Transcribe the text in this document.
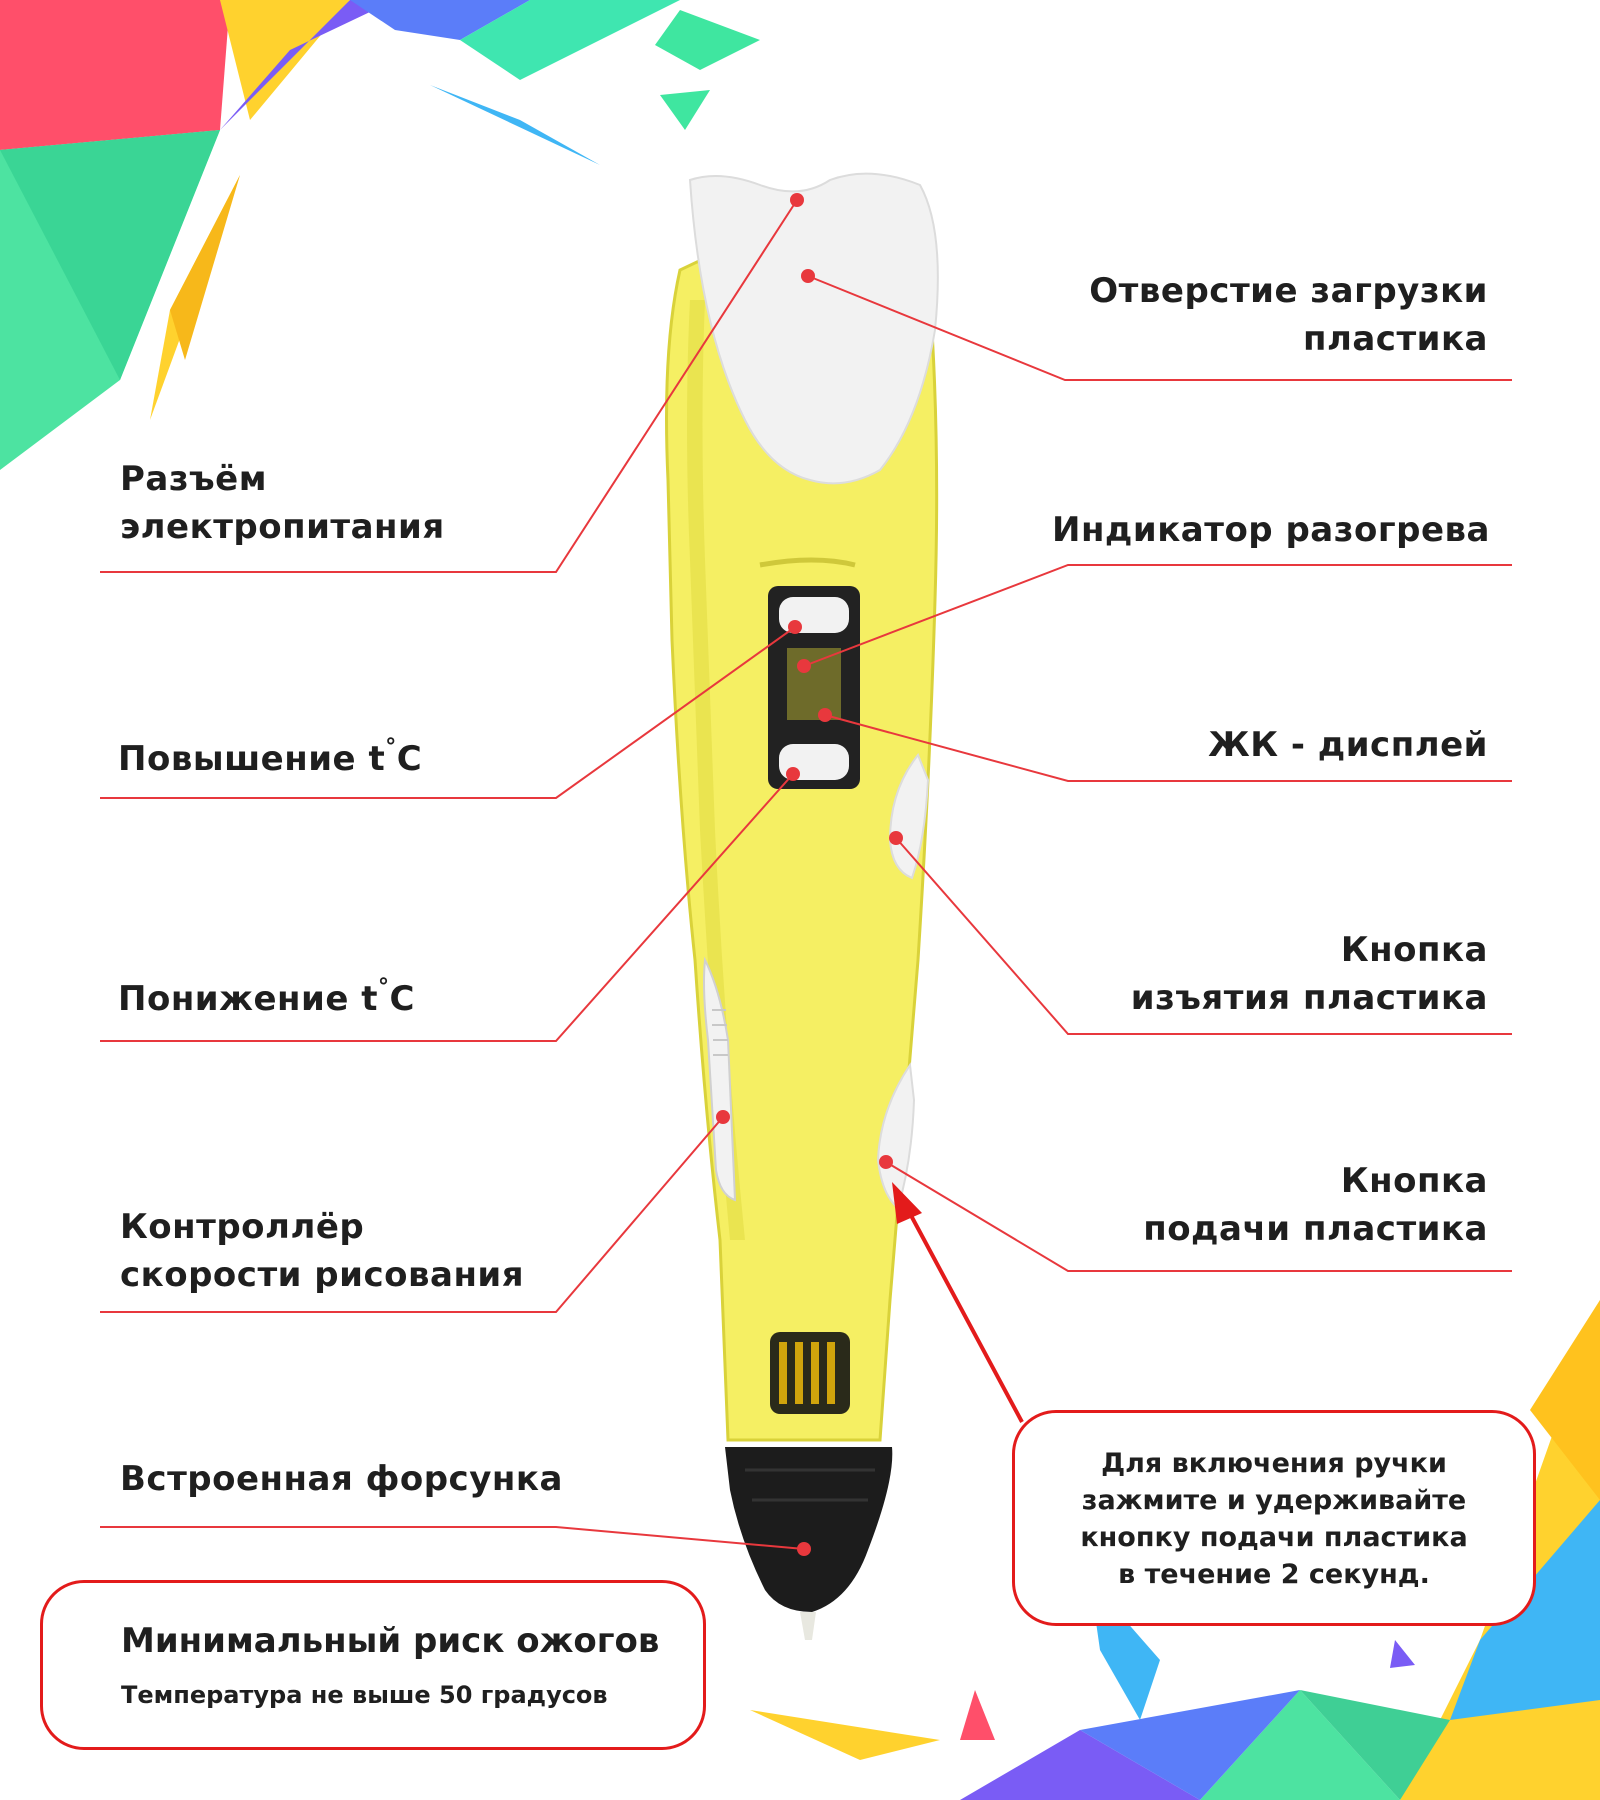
Разъём
электропитания
Повышение t°C
Понижение t°C
Контроллёр
скорости рисования
Встроенная форсунка
Отверстие загрузки
пластика
Индикатор разогрева
ЖК - дисплей
Кнопка
изъятия пластика
Кнопка
подачи пластика
Минимальный риск ожогов
Температура не выше 50 градусов
Для включения ручки
зажмите и удерживайте
кнопку подачи пластика
в течение 2 секунд.
